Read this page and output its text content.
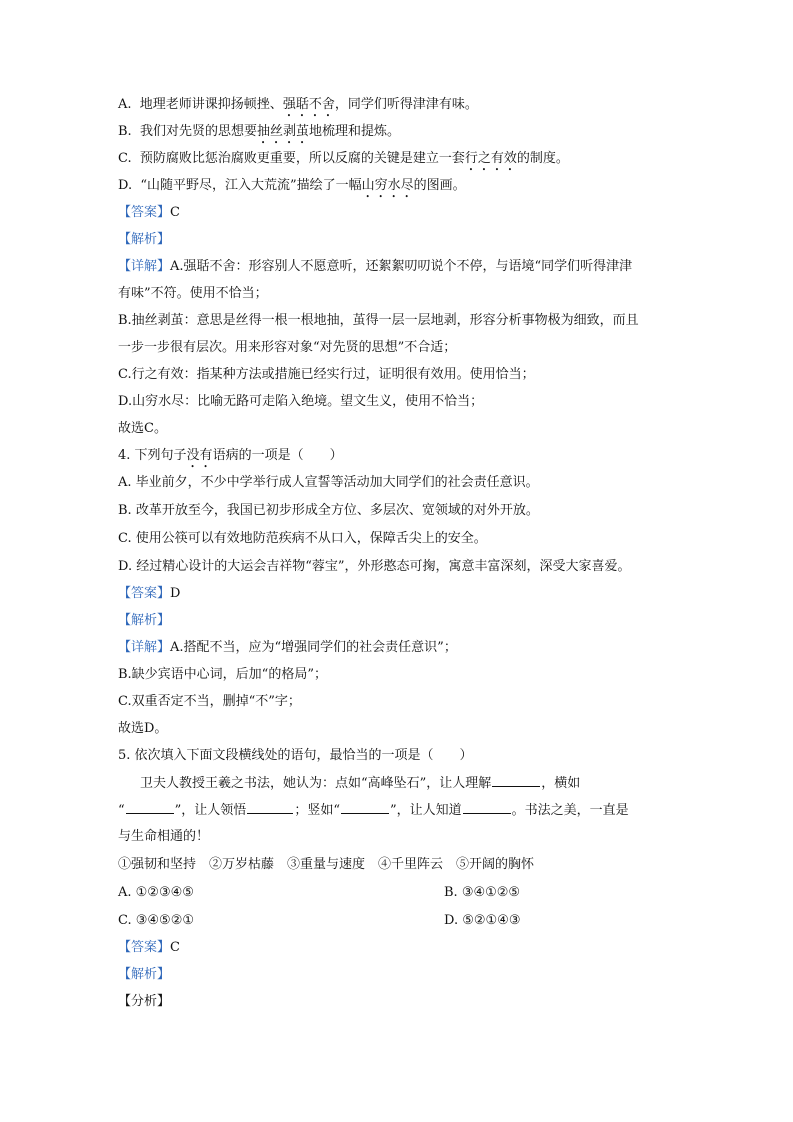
A. 地理老师讲课抑扬顿挫、强聒不舍，同学们听得津津有味。
B. 我们对先贤的思想要抽丝剥茧地梳理和提炼。
C. 预防腐败比惩治腐败更重要，所以反腐的关键是建立一套行之有效的制度。
D. “山随平野尽，江入大荒流”描绘了一幅山穷水尽的图画。
【答案】C
【解析】
【详解】A.强聒不舍：形容别人不愿意听，还絮絮叨叨说个不停，与语境“同学们听得津津
有味”不符。使用不恰当；
B.抽丝剥茧：意思是丝得一根一根地抽，茧得一层一层地剥，形容分析事物极为细致，而且
一步一步很有层次。用来形容对象“对先贤的思想”不合适；
C.行之有效：指某种方法或措施已经实行过，证明很有效用。使用恰当；
D.山穷水尽：比喻无路可走陷入绝境。望文生义，使用不恰当；
故选C。
4. 下列句子没有语病的一项是（　　）
A. 毕业前夕，不少中学举行成人宣誓等活动加大同学们的社会责任意识。
B. 改革开放至今，我国已初步形成全方位、多层次、宽领域的对外开放。
C. 使用公筷可以有效地防范疾病不从口入，保障舌尖上的安全。
D. 经过精心设计的大运会吉祥物“蓉宝”，外形憨态可掬，寓意丰富深刻，深受大家喜爱。
【答案】D
【解析】
【详解】A.搭配不当，应为“增强同学们的社会责任意识”；
B.缺少宾语中心词，后加“的格局”；
C.双重否定不当，删掉“不”字；
故选D。
5. 依次填入下面文段横线处的语句，最恰当的一项是（　　）
卫夫人教授王羲之书法，她认为：点如“高峰坠石”，让人理解	，横如
“	”，让人领悟	；竖如“	”，让人知道	。书法之美，一直是
与生命相通的！
①强韧和坚持　②万岁枯藤　③重量与速度　④千里阵云　⑤开阔的胸怀
A. ①②③④⑤	B. ③④①②⑤
C. ③④⑤②①	D. ⑤②①④③
【答案】C
【解析】
【分析】
